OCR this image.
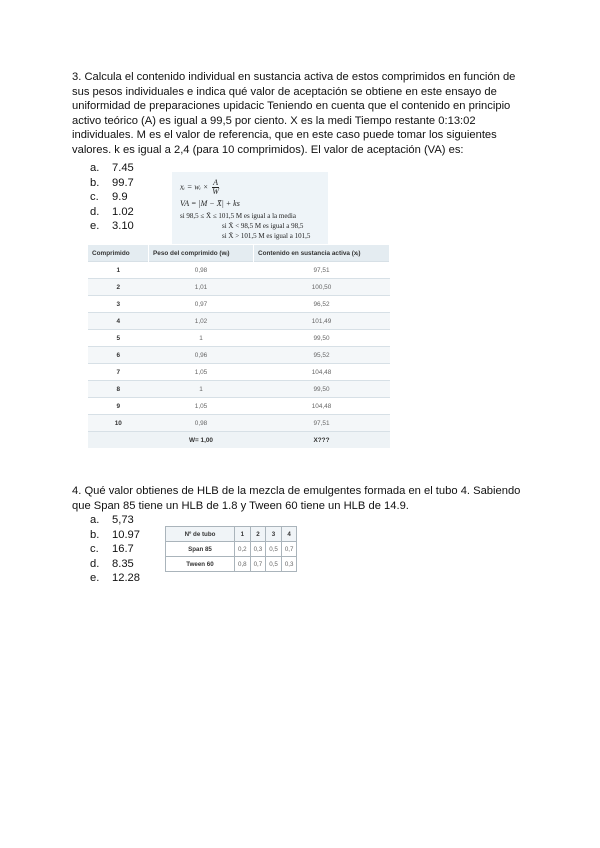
3. Calcula el contenido individual en sustancia activa de estos comprimidos en función de

sus pesos individuales e indica qué valor de aceptación se obtiene en este ensayo de

uniformidad de preparaciones upidacic Teniendo en cuenta que el contenido en principio

activo teórico (A) es igual a 99,5 por ciento. X es la medi Tiempo restante 0:13:02

individuales. M es el valor de referencia, que en este caso puede tomar los siguientes

valores. k es igual a 2,4 (para 10 comprimidos). El valor de aceptación (VA) es:

a.	7.45
b.	99.7
c.	9.9
d.	1.02
e.	3.10
xᵢ = wᵢ × $\frac{A}{W}$
VA = |M − X̄| + ks
si 98,5 ≤ X̄ ≤ 101,5 M es igual a la media
si X̄ < 98,5 M es igual a 98,5
si X̄ > 101,5 M es igual a 101,5
Comprimido	Peso del comprimido (wᵢ)	Contenido en sustancia activa (xᵢ)
1	0,98	97,51
2	1,01	100,50
3	0,97	96,52
4	1,02	101,49
5	1	99,50
6	0,96	95,52
7	1,05	104,48
8	1	99,50
9	1,05	104,48
10	0,98	97,51
	W= 1,00	X???

4. Qué valor obtienes de HLB de la mezcla de emulgentes formada en el tubo 4. Sabiendo

que Span 85 tiene un HLB de 1.8 y Tween 60 tiene un HLB de 14.9.

a.	5,73
b.	10.97
c.	16.7
d.	8.35
e.	12.28
Nº de tubo	1	2	3	4
Span 85	0,2	0,3	0,5	0,7
Tween 60	0,8	0,7	0,5	0,3
